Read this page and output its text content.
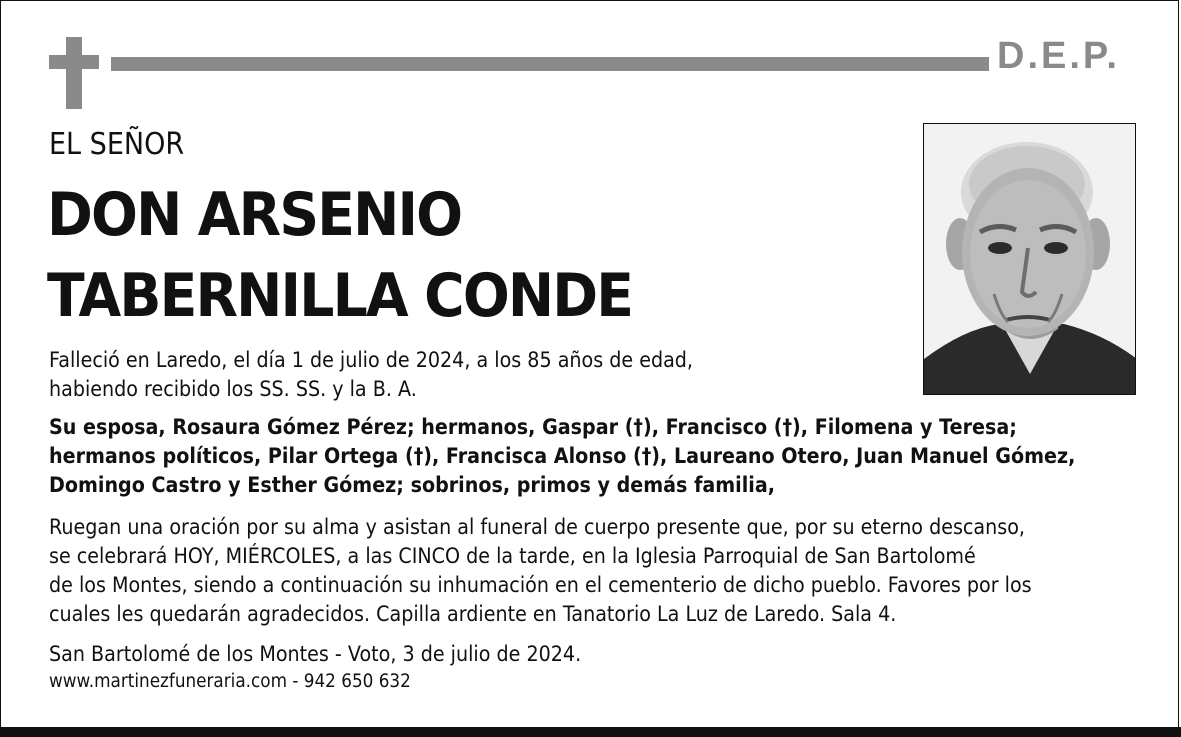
D.E.P.
EL SEÑOR
DON ARSENIO
TABERNILLA CONDE
Falleció en Laredo, el día 1 de julio de 2024, a los 85 años de edad,
habiendo recibido los SS. SS. y la B. A.
Su esposa, Rosaura Gómez Pérez; hermanos, Gaspar (†), Francisco (†), Filomena y Teresa;
hermanos políticos, Pilar Ortega (†), Francisca Alonso (†), Laureano Otero, Juan Manuel Gómez,
Domingo Castro y Esther Gómez; sobrinos, primos y demás familia,
Ruegan una oración por su alma y asistan al funeral de cuerpo presente que, por su eterno descanso,
se celebrará HOY, MIÉRCOLES, a las CINCO de la tarde, en la Iglesia Parroquial de San Bartolomé
de los Montes, siendo a continuación su inhumación en el cementerio de dicho pueblo. Favores por los
cuales les quedarán agradecidos. Capilla ardiente en Tanatorio La Luz de Laredo. Sala 4.
San Bartolomé de los Montes - Voto, 3 de julio de 2024.
www.martinezfuneraria.com - 942 650 632
